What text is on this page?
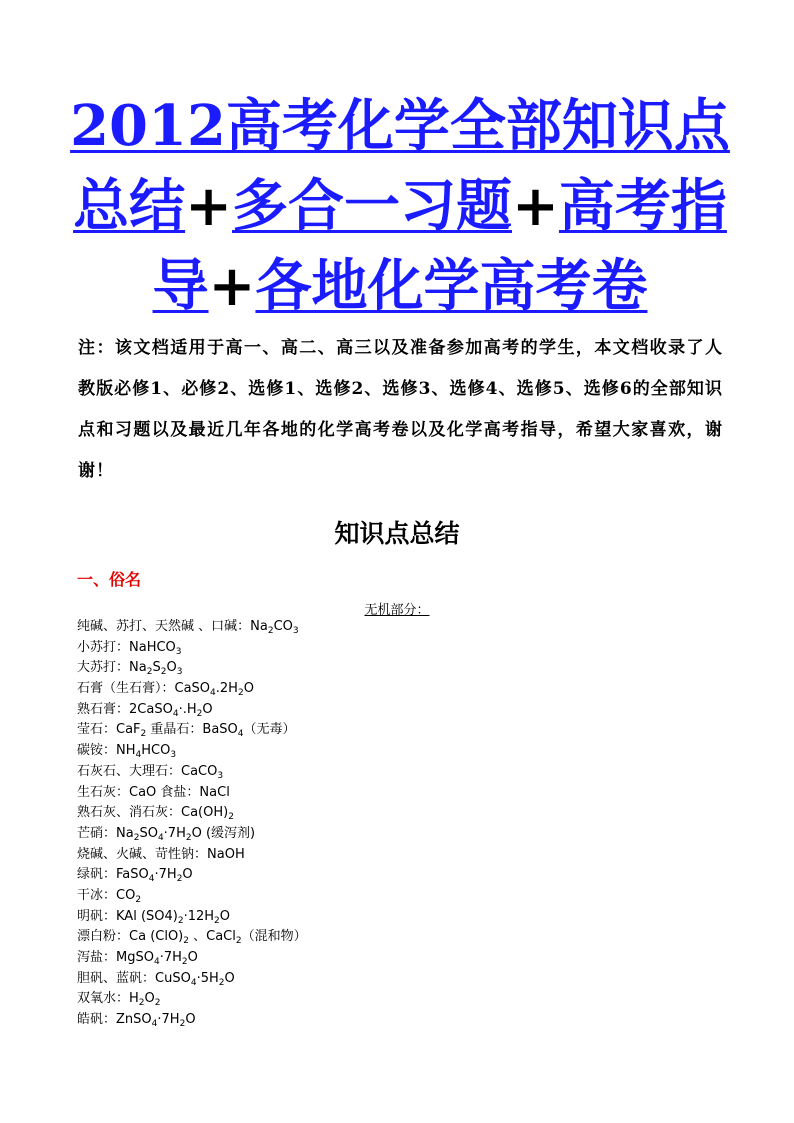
2012高考化学全部知识点总结+多合一习题+高考指导+各地化学高考卷

注：该文档适用于高一、高二、高三以及准备参加高考的学生，本文档收录了人教版必修1、必修2、选修1、选修2、选修3、选修4、选修5、选修6的全部知识点和习题以及最近几年各地的化学高考卷以及化学高考指导，希望大家喜欢，谢谢！

知识点总结
一、俗名

无机部分：

纯碱、苏打、天然碱 、口碱：$Na_2CO_3$
小苏打：NaHCO$_3$
大苏打：$Na_2S_2O_3$
石膏（生石膏）：$CaSO_4.2H_2O$
熟石膏：$2CaSO_4\cdot.H_2O$
莹石：CaF$_2$ 重晶石：BaSO$_4$（无毒）
碳铵：$NH_4HCO_3$
石灰石、大理石：CaCO$_3$
生石灰：CaO 食盐：NaCl
熟石灰、消石灰：$Ca(OH)_2$
芒硝：$Na_2SO_4\cdot 7H_2O$ (缓泻剂)
烧碱、火碱、苛性钠：NaOH
绿矾：$FaSO_4\cdot 7H_2O$
干冰：$CO_2$
明矾：KAl $(SO4)_2\cdot 12H_2O$
漂白粉：Ca $(ClO)_2$ 、CaCl$_2$（混和物）
泻盐：$MgSO_4\cdot 7H_2O$
胆矾、蓝矾：$CuSO_4\cdot 5H_2O$
双氧水：$H_2O_2$
皓矾：$ZnSO_4\cdot 7H_2O$
